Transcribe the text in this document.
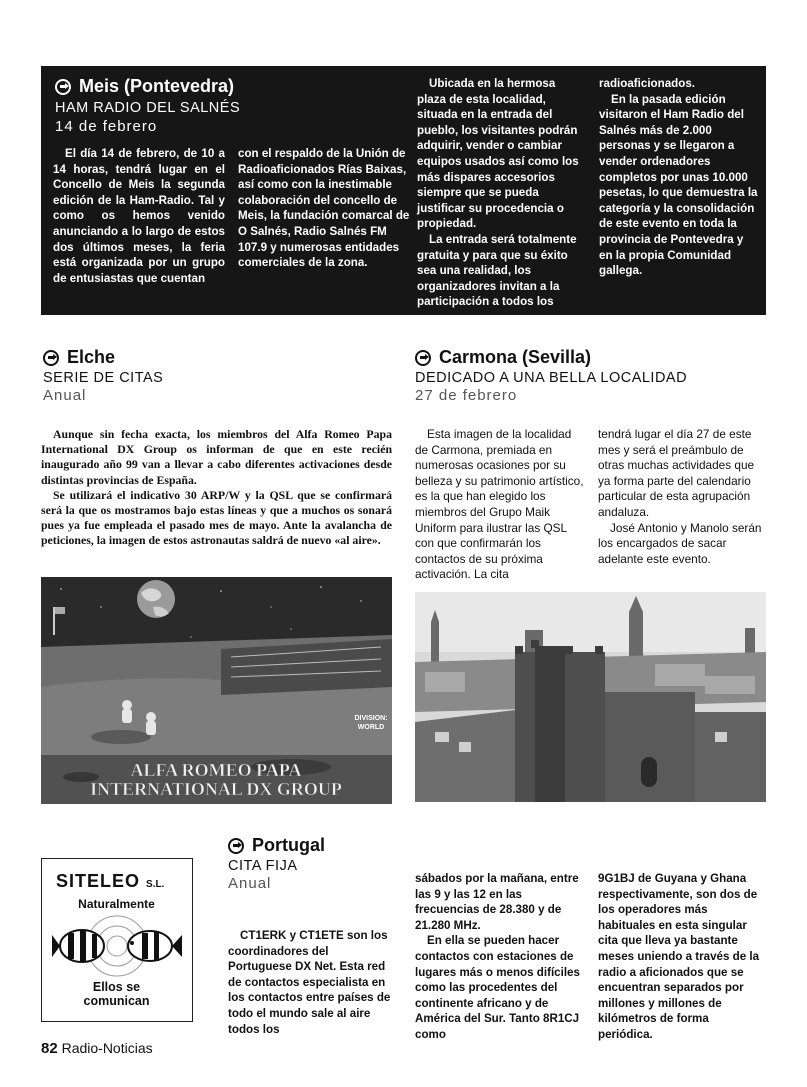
Meis (Pontevedra)
HAM RADIO DEL SALNÉS
14 de febrero
El día 14 de febrero, de 10 a 14 horas, tendrá lugar en el Concello de Meis la segunda edición de la Ham-Radio. Tal y como os hemos venido anunciando a lo largo de estos dos últimos meses, la feria está organizada por un grupo de entusiastas que cuentan
con el respaldo de la Unión de Radioaficionados Rías Baixas, así como con la inestimable colaboración del concello de Meis, la fundación comarcal de O Salnés, Radio Salnés FM 107.9 y numerosas entidades comerciales de la zona.

Ubicada en la hermosa plaza de esta localidad, situada en la entrada del pueblo, los visitantes podrán adquirir, vender o cambiar equipos usados así como los más dispares accesorios siempre que se pueda justificar su procedencia o propiedad.

La entrada será totalmente gratuita y para que su éxito sea una realidad, los organizadores invitan a la participación a todos los

radioaficionados.

En la pasada edición visitaron el Ham Radio del Salnés más de 2.000 personas y se llegaron a vender ordenadores completos por unas 10.000 pesetas, lo que demuestra la categoría y la consolidación de este evento en toda la provincia de Pontevedra y en la propia Comunidad gallega.

Elche
SERIE DE CITAS
Anual

Aunque sin fecha exacta, los miembros del Alfa Romeo Papa International DX Group os informan de que en este recién inaugurado año 99 van a llevar a cabo diferentes activaciones desde distintas provincias de España.

Se utilizará el indicativo 30 ARP/W y la QSL que se confirmará será la que os mostramos bajo estas líneas y que a muchos os sonará pues ya fue empleada el pasado mes de mayo. Ante la avalancha de peticiones, la imagen de estos astronautas saldrá de nuevo «al aire».

ALFA ROMEO PAPA
INTERNATIONAL DX GROUP
DIVISION:
WORLD
Carmona (Sevilla)
DEDICADO A UNA BELLA LOCALIDAD
27 de febrero
Esta imagen de la localidad de Carmona, premiada en numerosas ocasiones por su belleza y su patrimonio artístico, es la que han elegido los miembros del Grupo Maik Uniform para ilustrar las QSL con que confirmarán los contactos de su próxima activación. La cita

tendrá lugar el día 27 de este mes y será el preámbulo de otras muchas actividades que ya forma parte del calendario particular de esta agrupación andaluza.

José Antonio y Manolo serán los encargados de sacar adelante este evento.

SITELEO S.L.
Naturalmente
Ellos se
comunican
Portugal
CITA FIJA
Anual
CT1ERK y CT1ETE son los coordinadores del Portuguese DX Net. Esta red de contactos especialista en los contactos entre países de todo el mundo sale al aire todos los

sábados por la mañana, entre las 9 y las 12 en las frecuencias de 28.380 y de 21.280 MHz.

En ella se pueden hacer contactos con estaciones de lugares más o menos difíciles como las procedentes del continente africano y de América del Sur. Tanto 8R1CJ como

9G1BJ de Guyana y Ghana respectivamente, son dos de los operadores más habituales en esta singular cita que lleva ya bastante meses uniendo a través de la radio a aficionados que se encuentran separados por millones y millones de kilómetros de forma periódica.
82 Radio-Noticias
